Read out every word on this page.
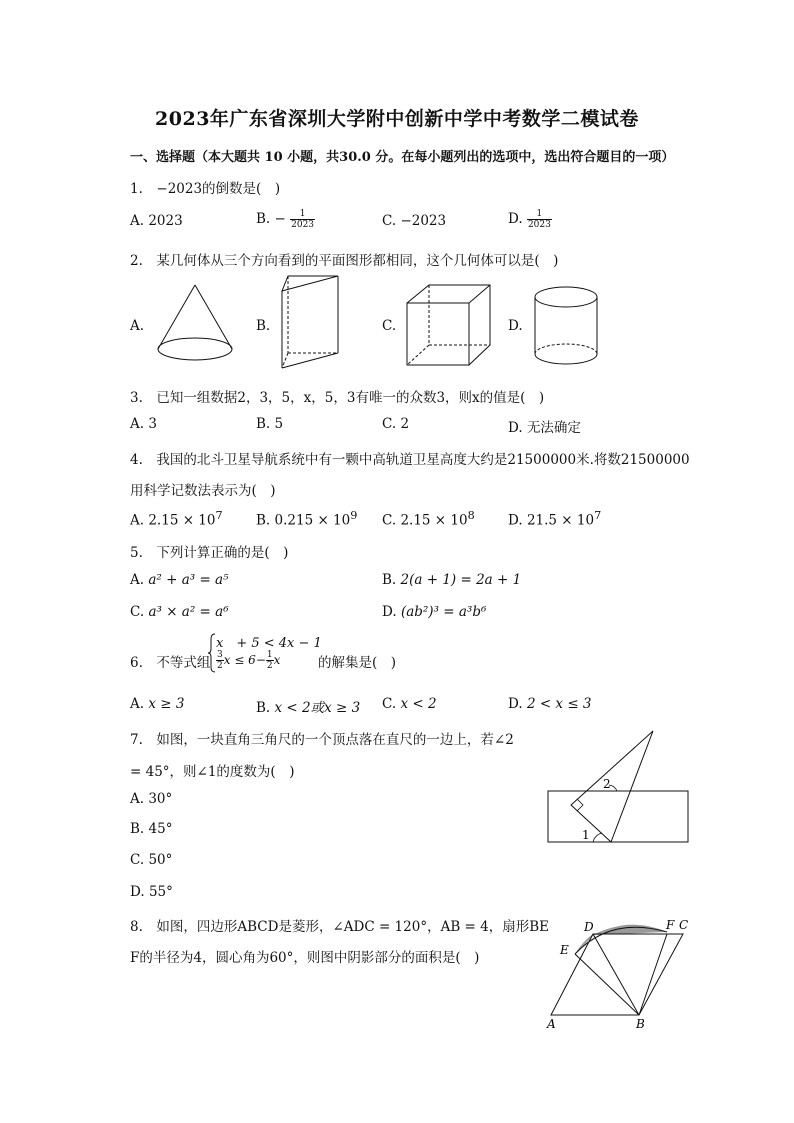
2023年广东省深圳大学附中创新中学中考数学二模试卷
一、选择题（本大题共 10 小题，共30.0 分。在每小题列出的选项中，选出符合题目的一项）
1.　−2023的倒数是(　)
A. 2023	B. − $\frac{1}{2023}$	C. −2023	D. $\frac{1}{2023}$
2.　某几何体从三个方向看到的平面图形都相同，这个几何体可以是(　)
A.	B.	C.	D.
3.　已知一组数据2，3，5，x，5，3有唯一的众数3，则x的值是(　)
A. 3	B. 5	C. 2	D. 无法确定
4.　我国的北斗卫星导航系统中有一颗中高轨道卫星高度大约是21500000米.将数21500000
用科学记数法表示为(　)
A. $2.15 \times 10^7$ B. $0.215 \times 10^9$ C. $2.15 \times 10^8$ D. $21.5 \times 10^7$
5.　下列计算正确的是(　)
A. a² + a³ = a⁵	B. 2(a + 1) = 2a + 1
C. a³ × a² = a⁶	D. (ab²)³ = a³b⁶
6.　不等式组
x　+ 5 < 4x − 1
$\frac{3}{2}$ $x \le 6- \frac{1}{2}$ x	的解集是(　)
A. x ≥ 3	B. x < 2或x ≥ 3 C. x < 2	D. 2 < x ≤ 3
7.　如图，一块直角三角尺的一个顶点落在直尺的一边上，若∠2
= 45°，则∠1的度数为(　)
A. 30°
B. 45°
C. 50°
D. 55°
2
1
8.　如图，四边形ABCD是菱形，∠ADC = 120°，AB = 4，扇形BE
F的半径为4，圆心角为60°，则图中阴影部分的面积是(　)
A	B
C
D
E
F
